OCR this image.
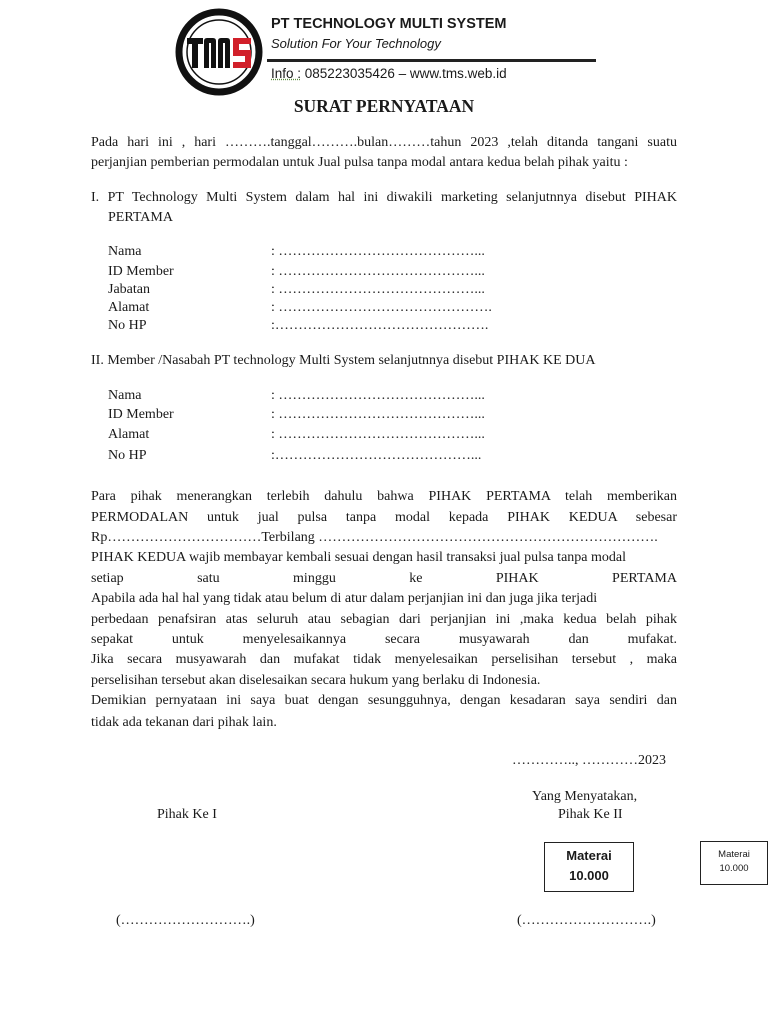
PT TECHNOLOGY MULTI SYSTEM
Solution For Your Technology
Info : 085223035426 – www.tms.web.id
SURAT PERNYATAAN
Pada hari ini , hari ……….tanggal……….bulan………tahun 2023 ,telah ditanda tangani suatu
perjanjian pemberian permodalan untuk Jual pulsa tanpa modal antara kedua belah pihak yaitu :
I. PT Technology Multi System dalam hal ini diwakili marketing selanjutnnya disebut PIHAK
PERTAMA
Nama	: ……………………………………...
ID Member	: ……………………………………...
Jabatan	: ……………………………………...
Alamat	: ……………………………………….
No HP	:……………………………………….
II. Member /Nasabah PT technology Multi System selanjutnnya disebut PIHAK KE DUA
Nama	: ……………………………………...
ID Member	: ……………………………………...
Alamat	: ……………………………………...
No HP	:……………………………………...
Para pihak menerangkan terlebih dahulu bahwa PIHAK PERTAMA telah memberikan
PERMODALAN untuk jual pulsa tanpa modal kepada PIHAK KEDUA sebesar
Rp……………………………Terbilang ……………………………………………………………….
PIHAK KEDUA wajib membayar kembali sesuai dengan hasil transaksi jual pulsa tanpa modal
setiap satu minggu ke PIHAK PERTAMA
Apabila ada hal hal yang tidak atau belum di atur dalam perjanjian ini dan juga jika terjadi
perbedaan penafsiran atas seluruh atau sebagian dari perjanjian ini ,maka kedua belah pihak
sepakat untuk menyelesaikannya secara musyawarah dan mufakat.
Jika secara musyawarah dan mufakat tidak menyelesaikan perselisihan tersebut , maka
perselisihan tersebut akan diselesaikan secara hukum yang berlaku di Indonesia.
Demikian pernyataan ini saya buat dengan sesungguhnya, dengan kesadaran saya sendiri dan
tidak ada tekanan dari pihak lain.
………….., …………2023
Yang Menyatakan,
Pihak Ke I	Pihak Ke II
Materai
10.000
Materai
10.000
(……………………….)	(……………………….)
